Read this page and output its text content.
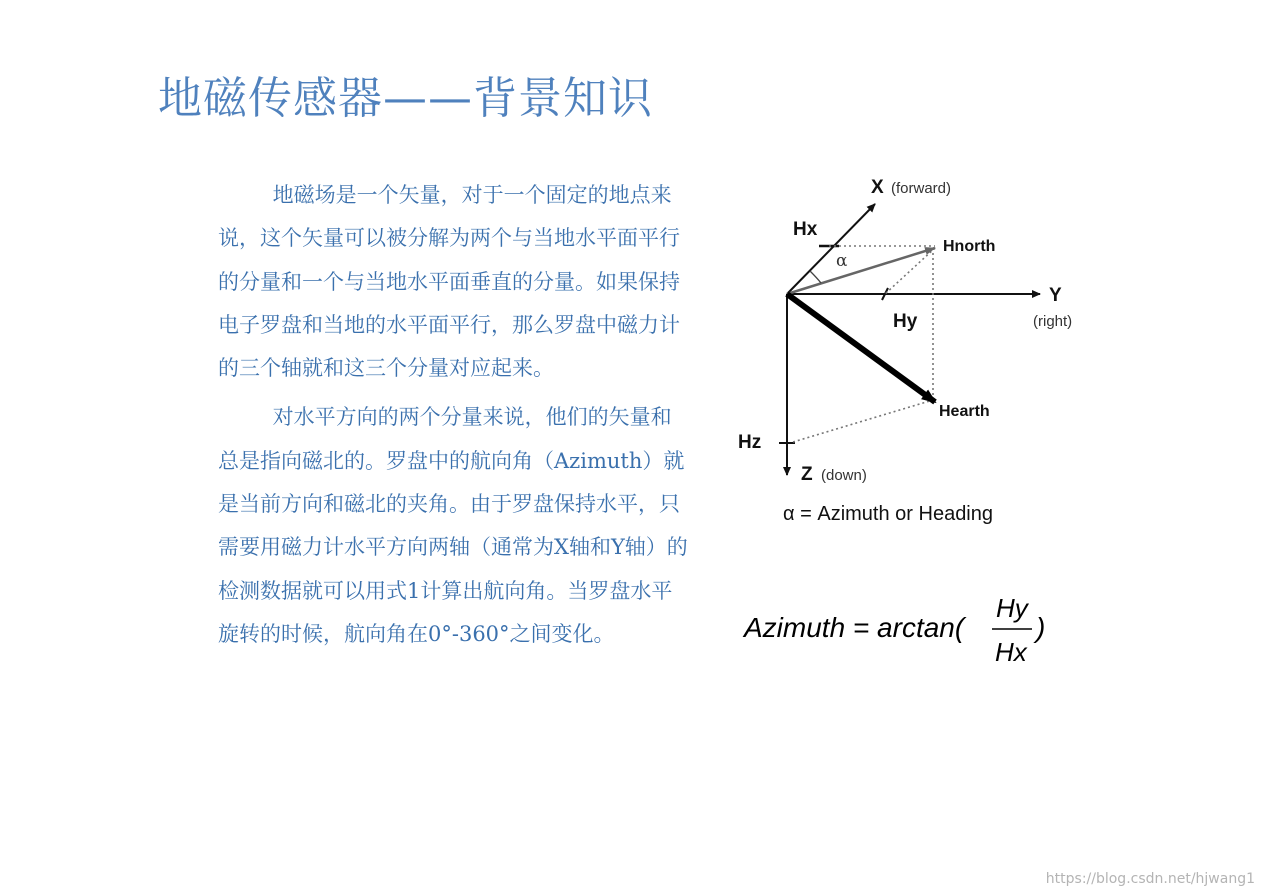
地磁传感器——背景知识

地磁场是一个矢量，对于一个固定的地点来说，这个矢量可以被分解为两个与当地水平面平行的分量和一个与当地水平面垂直的分量。如果保持电子罗盘和当地的水平面平行，那么罗盘中磁力计的三个轴就和这三个分量对应起来。

对水平方向的两个分量来说，他们的矢量和总是指向磁北的。罗盘中的航向角（Azimuth）就是当前方向和磁北的夹角。由于罗盘保持水平，只需要用磁力计水平方向两轴（通常为X轴和Y轴）的检测数据就可以用式1计算出航向角。当罗盘水平旋转的时候，航向角在0°-360°之间变化。

X (forward)
Hx
Hnorth
α
Y
(right)
Hy
Hearth
Hz
Z (down)
α = Azimuth or Heading
Azimuth = arctan(
Hy
Hx
)
https://blog.csdn.net/hjwang1
